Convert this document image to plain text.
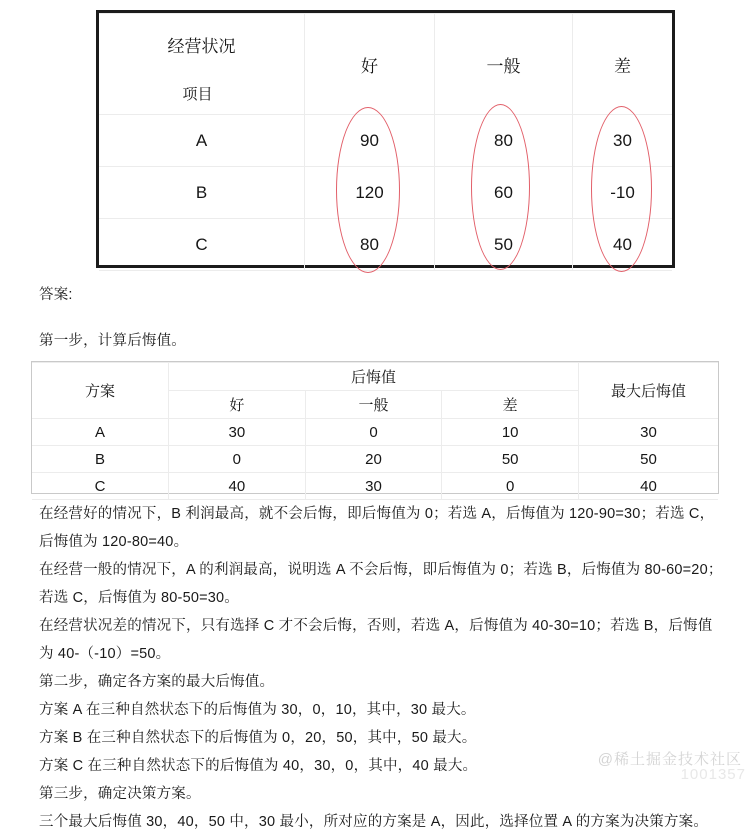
经营状况
项目	好	一般	差
A	90	80	30
B	120	60	-10
C	80	50	40
答案:
第一步，计算后悔值。
方案	后悔值			最大后悔值
	好	一般	差	
A	30	0	10	30
B	0	20	50	50
C	40	30	0	40
在经营好的情况下，B 利润最高，就不会后悔，即后悔值为 0；若选 A，后悔值为 120-90=30；若选 C，
后悔值为 120-80=40。
在经营一般的情况下，A 的利润最高，说明选 A 不会后悔，即后悔值为 0；若选 B，后悔值为 80-60=20；
若选 C，后悔值为 80-50=30。
在经营状况差的情况下，只有选择 C 才不会后悔，否则，若选 A，后悔值为 40-30=10；若选 B，后悔值
为 40-（-10）=50。
第二步，确定各方案的最大后悔值。
方案 A 在三种自然状态下的后悔值为 30，0，10，其中，30 最大。
方案 B 在三种自然状态下的后悔值为 0，20，50，其中，50 最大。
方案 C 在三种自然状态下的后悔值为 40，30，0，其中，40 最大。
第三步，确定决策方案。
三个最大后悔值 30，40，50 中，30 最小，所对应的方案是 A，因此，选择位置 A 的方案为决策方案。
@稀土掘金技术社区
1001357
